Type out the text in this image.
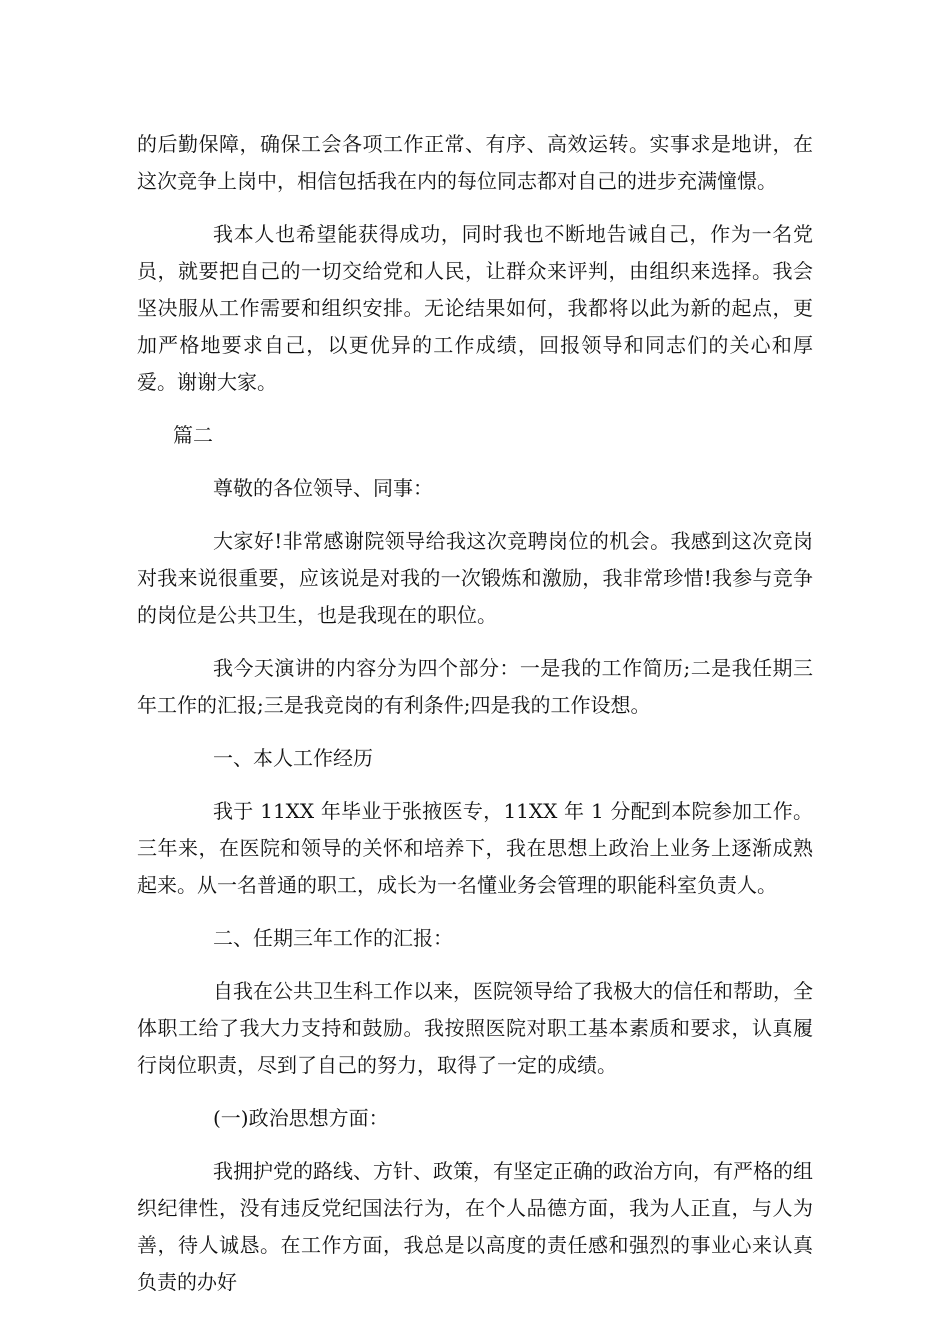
的后勤保障，确保工会各项工作正常、有序、高效运转。实事求是地讲，在这次竞争上岗中，相信包括我在内的每位同志都对自己的进步充满憧憬。

我本人也希望能获得成功，同时我也不断地告诫自己，作为一名党员，就要把自己的一切交给党和人民，让群众来评判，由组织来选择。我会坚决服从工作需要和组织安排。无论结果如何，我都将以此为新的起点，更加严格地要求自己，以更优异的工作成绩，回报领导和同志们的关心和厚爱。谢谢大家。

篇二

尊敬的各位领导、同事：

大家好!非常感谢院领导给我这次竞聘岗位的机会。我感到这次竞岗对我来说很重要，应该说是对我的一次锻炼和激励，我非常珍惜!我参与竞争的岗位是公共卫生，也是我现在的职位。

我今天演讲的内容分为四个部分：一是我的工作简历;二是我任期三年工作的汇报;三是我竞岗的有利条件;四是我的工作设想。

一、本人工作经历

我于 11XX 年毕业于张掖医专，11XX 年 1 分配到本院参加工作。三年来，在医院和领导的关怀和培养下，我在思想上政治上业务上逐渐成熟起来。从一名普通的职工，成长为一名懂业务会管理的职能科室负责人。

二、任期三年工作的汇报：

自我在公共卫生科工作以来，医院领导给了我极大的信任和帮助，全体职工给了我大力支持和鼓励。我按照医院对职工基本素质和要求，认真履行岗位职责，尽到了自己的努力，取得了一定的成绩。

(一)政治思想方面：

我拥护党的路线、方针、政策，有坚定正确的政治方向，有严格的组织纪律性，没有违反党纪国法行为，在个人品德方面，我为人正直，与人为善，待人诚恳。在工作方面，我总是以高度的责任感和强烈的事业心来认真负责的办好
